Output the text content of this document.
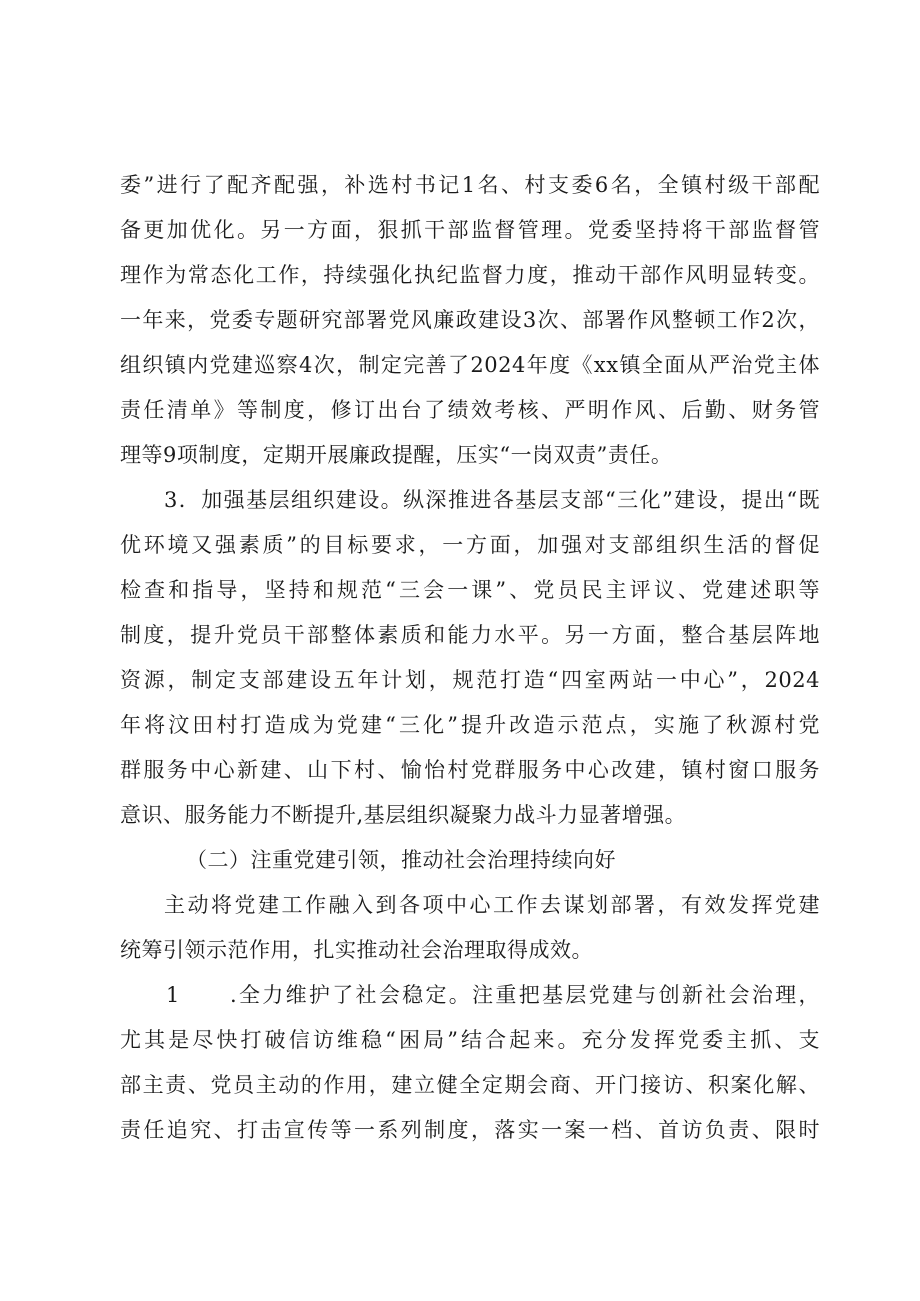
委”进行了配齐配强，补选村书记1名、村支委6名，全镇村级干部配
备更加优化。另一方面，狠抓干部监督管理。党委坚持将干部监督管
理作为常态化工作，持续强化执纪监督力度，推动干部作风明显转变。
一年来，党委专题研究部署党风廉政建设3次、部署作风整顿工作2次，
组织镇内党建巡察4次，制定完善了2024年度《xx镇全面从严治党主体
责任清单》等制度，修订出台了绩效考核、严明作风、后勤、财务管
理等9项制度，定期开展廉政提醒，压实“一岗双责”责任。
3．加强基层组织建设。纵深推进各基层支部“三化”建设，提出“既
优环境又强素质”的目标要求，一方面，加强对支部组织生活的督促
检查和指导，坚持和规范“三会一课”、党员民主评议、党建述职等
制度，提升党员干部整体素质和能力水平。另一方面，整合基层阵地
资源，制定支部建设五年计划，规范打造“四室两站一中心”，2024
年将汶田村打造成为党建“三化”提升改造示范点，实施了秋源村党
群服务中心新建、山下村、愉怡村党群服务中心改建，镇村窗口服务
意识、服务能力不断提升,基层组织凝聚力战斗力显著增强。
（二）注重党建引领，推动社会治理持续向好
主动将党建工作融入到各项中心工作去谋划部署，有效发挥党建
统筹引领示范作用，扎实推动社会治理取得成效。
1 .全力维护了社会稳定。注重把基层党建与创新社会治理，
尤其是尽快打破信访维稳“困局”结合起来。充分发挥党委主抓、支
部主责、党员主动的作用，建立健全定期会商、开门接访、积案化解、
责任追究、打击宣传等一系列制度，落实一案一档、首访负责、限时
